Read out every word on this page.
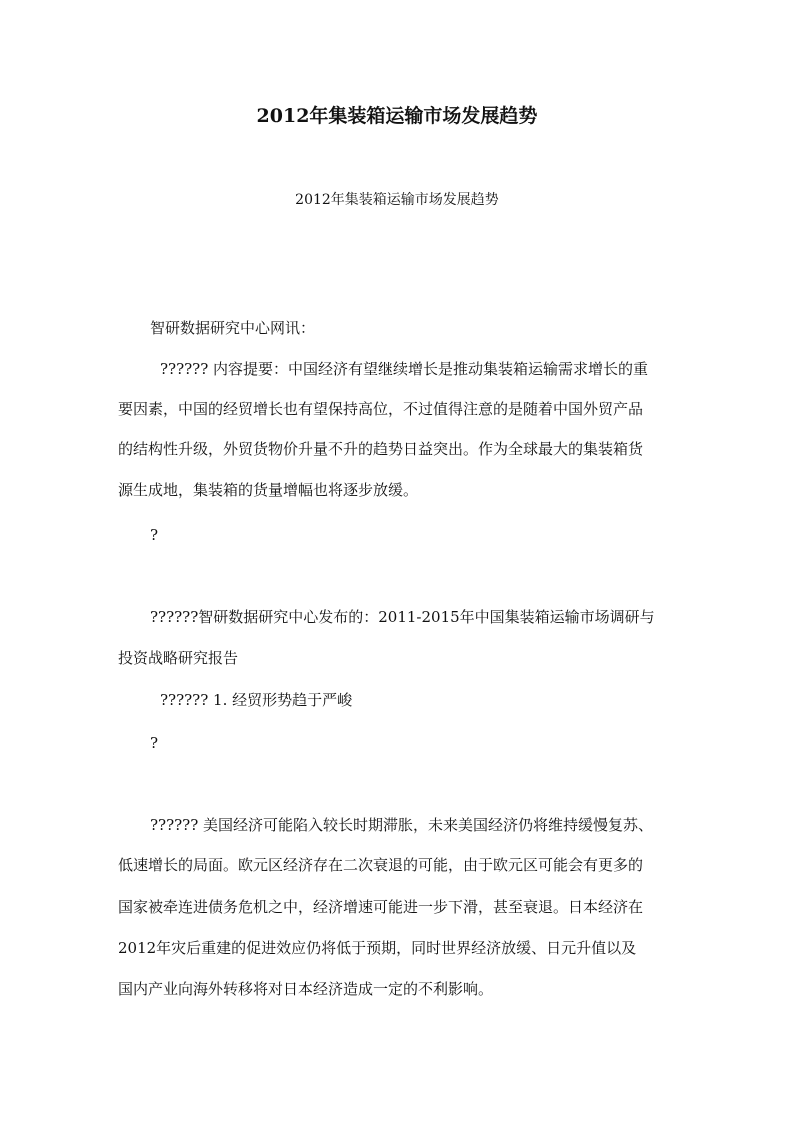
2012年集装箱运输市场发展趋势
2012年集装箱运输市场发展趋势
智研数据研究中心网讯：
?????? 内容提要：中国经济有望继续增长是推动集装箱运输需求增长的重
要因素，中国的经贸增长也有望保持高位，不过值得注意的是随着中国外贸产品
的结构性升级，外贸货物价升量不升的趋势日益突出。作为全球最大的集装箱货
源生成地，集装箱的货量增幅也将逐步放缓。
?
??????智研数据研究中心发布的：2011-2015年中国集装箱运输市场调研与
投资战略研究报告
?????? 1. 经贸形势趋于严峻
?
?????? 美国经济可能陷入较长时期滞胀，未来美国经济仍将维持缓慢复苏、
低速增长的局面。欧元区经济存在二次衰退的可能，由于欧元区可能会有更多的
国家被牵连进债务危机之中，经济增速可能进一步下滑，甚至衰退。日本经济在
2012年灾后重建的促进效应仍将低于预期，同时世界经济放缓、日元升值以及
国内产业向海外转移将对日本经济造成一定的不利影响。
